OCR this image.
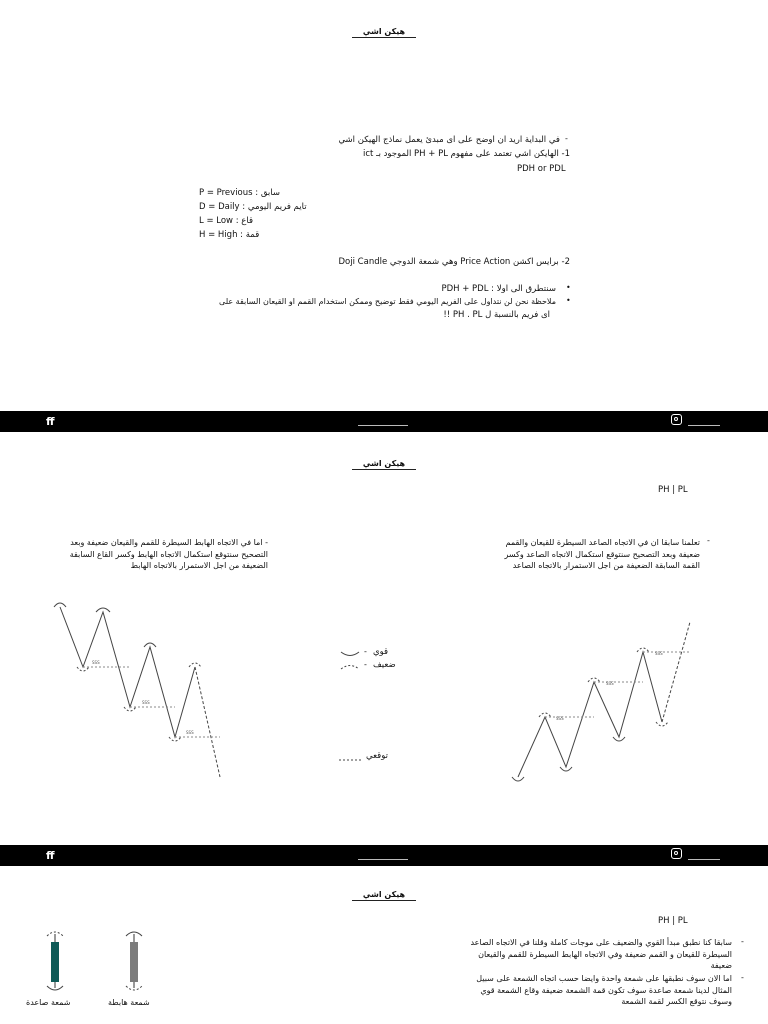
هيكن اشي
في البداية اريد ان اوضح على اى مبدئ يعمل نماذج الهيكن اشي -
1- الهايكن اشي تعتمد على مفهوم PH + PL الموجود بـ ict
PDH or PDL
P = Previous : سابق
D = Daily : تايم فريم اليومي
L = Low : قاع
H = High : قمة
2- برايس اكشن Price Action وهي شمعة الدوجي Doji Candle
•
سنتطرق الى اولا : PDH + PDL
•
ملاحظة نحن لن نتداول على الفريم اليومي فقط توضيح وممكن استخدام القمم او القيعان السابقة على
اى فريم بالنسبة ل PH . PL !!
ff
هيكن اشي
PH | PL
- اما في الاتجاه الهابط السيطرة للقمم والقيعان ضعيفة وبعد التصحيح سنتوقع استكمال الاتجاه الهابط وكسر القاع السابقة الضعيفة من اجل الاستمرار بالاتجاه الهابط
تعلمنا سابقا ان في الاتجاه الصاعد السيطرة للقيعان والقمم ضعيفة وبعد التصحيح سنتوقع استكمال الاتجاه الصاعد وكسر القمة السابقة الضعيفة من اجل الاستمرار بالاتجاه الصاعد
-
SSS
SSS
SSS
- قوي
- ضعيف
توقعي
SSS
SSS
SSS
ff
هيكن اشي
PH | PL
-
سابقا كنا نطبق مبدأ القوي والضعيف على موجات كاملة وقلنا في الاتجاه الصاعد السيطرة للقيعان و القمم ضعيفة وفي الاتجاه الهابط السيطرة للقمم والقيعان ضعيفة
-
اما الان سوف نطبقها على شمعة واحدة وايضا حسب اتجاه الشمعة على سبيل المثال لدينا شمعة صاعدة سوف تكون قمة الشمعة ضعيفة وقاع الشمعة قوي وسوف نتوقع الكسر لقمة الشمعة
شمعة صاعدة	شمعة هابطة
